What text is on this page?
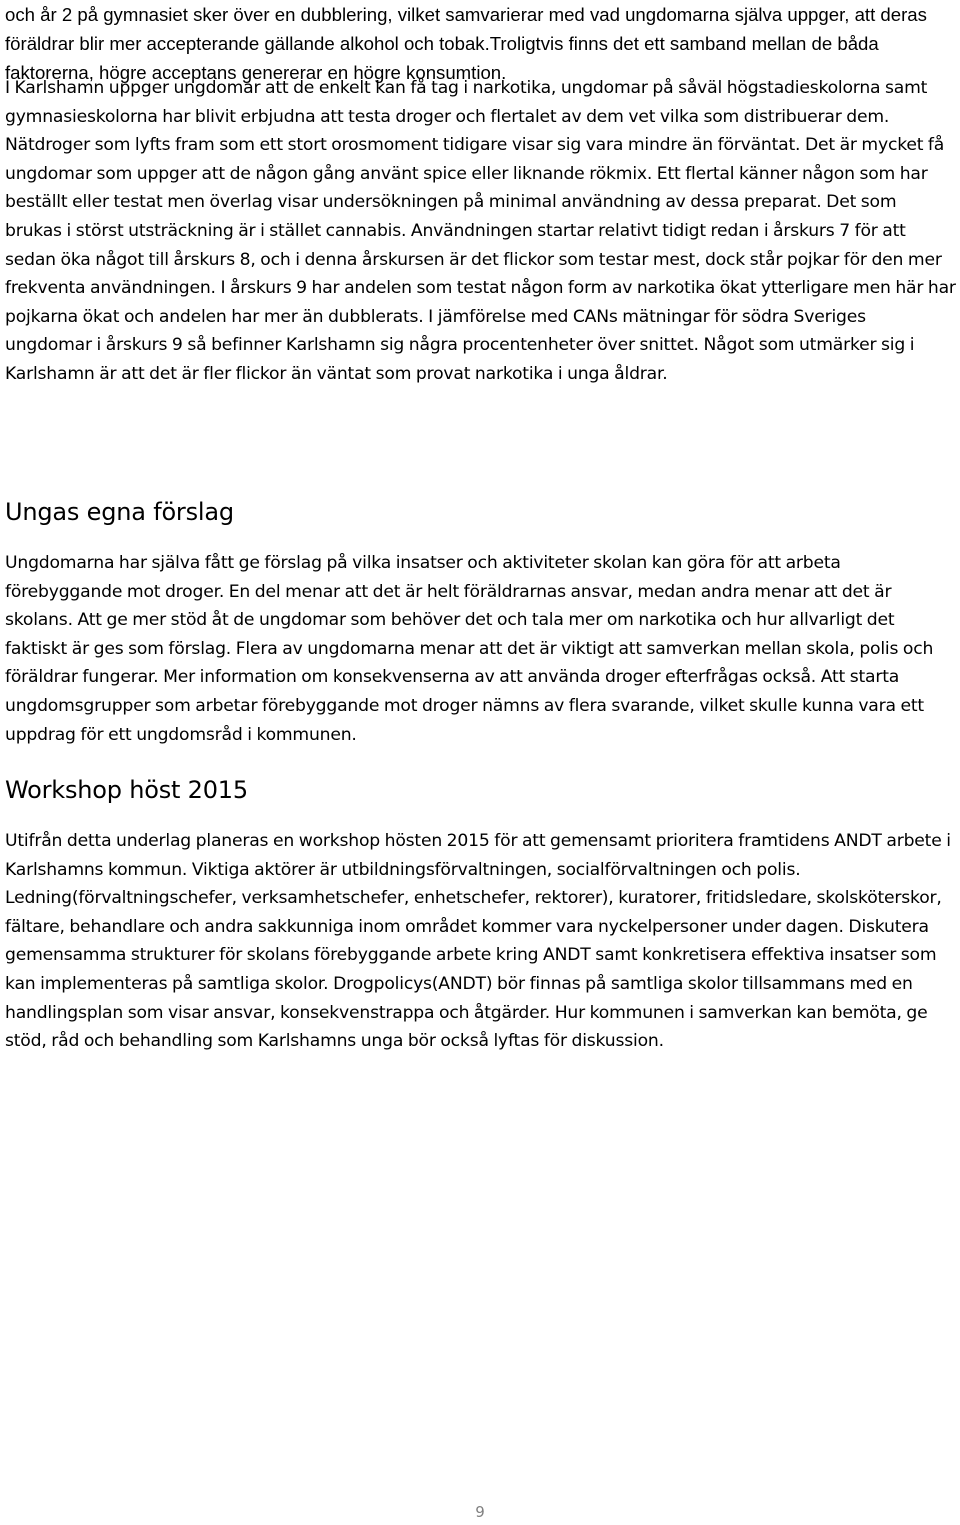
och år 2 på gymnasiet sker över en dubblering, vilket samvarierar med vad ungdomarna själva uppger, att deras föräldrar blir mer accepterande gällande alkohol och tobak.Troligtvis finns det ett samband mellan de båda faktorerna, högre acceptans genererar en högre konsumtion.

I Karlshamn uppger ungdomar att de enkelt kan få tag i narkotika, ungdomar på såväl högstadieskolorna samt gymnasieskolorna har blivit erbjudna att testa droger och flertalet av dem vet vilka som distribuerar dem. Nätdroger som lyfts fram som ett stort orosmoment tidigare visar sig vara mindre än förväntat. Det är mycket få ungdomar som uppger att de någon gång använt spice eller liknande rökmix. Ett flertal känner någon som har beställt eller testat men överlag visar undersökningen på minimal användning av dessa preparat. Det som brukas i störst utsträckning är i stället cannabis. Användningen startar relativt tidigt redan i årskurs 7 för att sedan öka något till årskurs 8, och i denna årskursen är det flickor som testar mest, dock står pojkar för den mer frekventa användningen. I årskurs 9 har andelen som testat någon form av narkotika ökat ytterligare men här har pojkarna ökat och andelen har mer än dubblerats. I jämförelse med CANs mätningar för södra Sveriges ungdomar i årskurs 9 så befinner Karlshamn sig några procentenheter över snittet. Något som utmärker sig i Karlshamn är att det är fler flickor än väntat som provat narkotika i unga åldrar.

Ungas egna förslag

Ungdomarna har själva fått ge förslag på vilka insatser och aktiviteter skolan kan göra för att arbeta förebyggande mot droger. En del menar att det är helt föräldrarnas ansvar, medan andra menar att det är skolans. Att ge mer stöd åt de ungdomar som behöver det och tala mer om narkotika och hur allvarligt det faktiskt är ges som förslag. Flera av ungdomarna menar att det är viktigt att samverkan mellan skola, polis och föräldrar fungerar. Mer information om konsekvenserna av att använda droger efterfrågas också. Att starta ungdomsgrupper som arbetar förebyggande mot droger nämns av flera svarande, vilket skulle kunna vara ett uppdrag för ett ungdomsråd i kommunen.

Workshop höst 2015

Utifrån detta underlag planeras en workshop hösten 2015 för att gemensamt prioritera framtidens ANDT arbete i Karlshamns kommun. Viktiga aktörer är utbildningsförvaltningen, socialförvaltningen och polis. Ledning(förvaltningschefer, verksamhetschefer, enhetschefer, rektorer), kuratorer, fritidsledare, skolsköterskor, fältare, behandlare och andra sakkunniga inom området kommer vara nyckelpersoner under dagen. Diskutera gemensamma strukturer för skolans förebyggande arbete kring ANDT samt konkretisera effektiva insatser som kan implementeras på samtliga skolor. Drogpolicys(ANDT) bör finnas på samtliga skolor tillsammans med en handlingsplan som visar ansvar, konsekvenstrappa och åtgärder. Hur kommunen i samverkan kan bemöta, ge stöd, råd och behandling som Karlshamns unga bör också lyftas för diskussion.

9
